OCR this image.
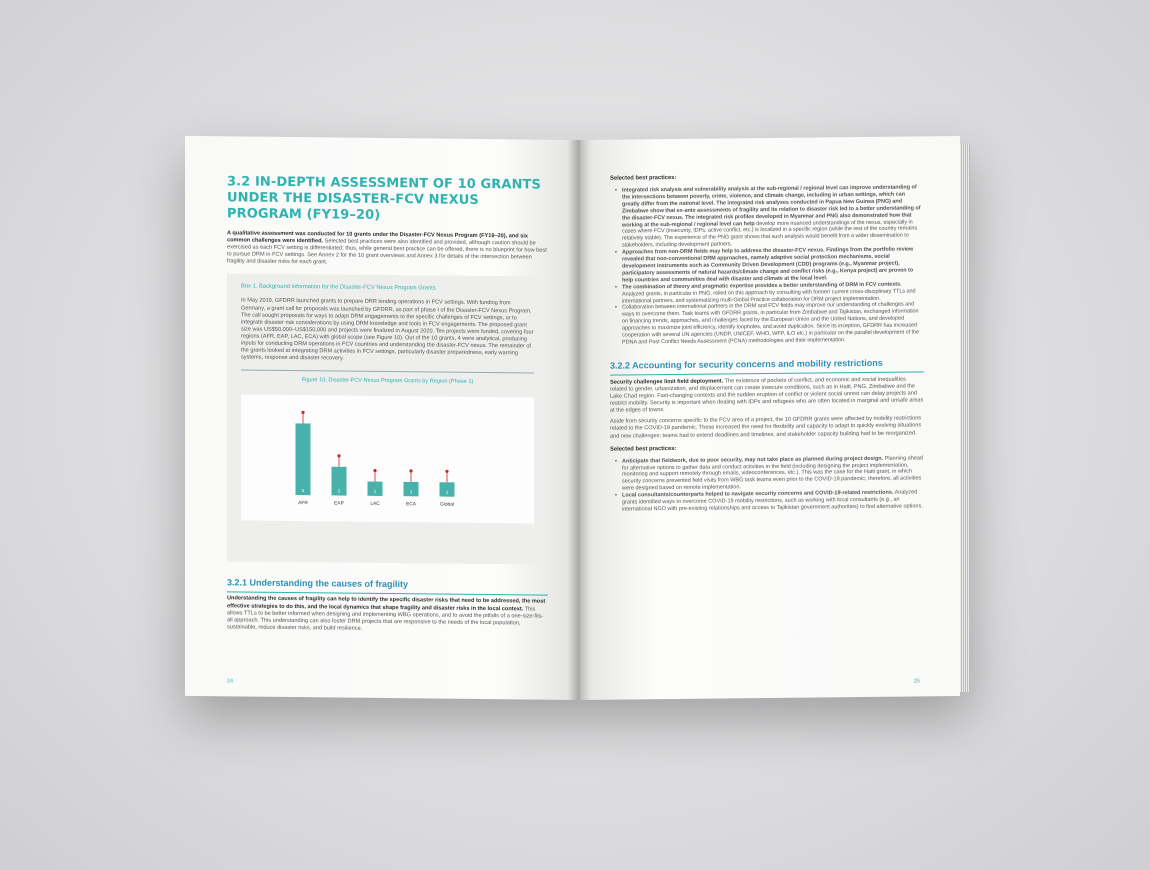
3.2 IN-DEPTH ASSESSMENT OF 10 GRANTS UNDER THE DISASTER-FCV NEXUS PROGRAM (FY19–20)

A qualitative assessment was conducted for 10 grants under the Disaster-FCV Nexus Program (FY19–20), and six common challenges were identified. Selected best practices were also identified and provided, although caution should be exercised as each FCV setting is differentiated; thus, while general best practice can be offered, there is no blueprint for how best to pursue DRM in FCV settings. See Annex 2 for the 10 grant overviews and Annex 3 for details of the intersection between fragility and disaster risks for each grant.

Box 1. Background information for the Disaster-FCV Nexus Program Grants

In May 2019, GFDRR launched grants to prepare DRR lending operations in FCV settings. With funding from Germany, a grant call for proposals was launched by GFDRR, as part of phase I of the Disaster-FCV Nexus Program. The call sought proposals for ways to adapt DRM engagements to the specific challenges of FCV settings, or to integrate disaster risk considerations by using DRM knowledge and tools in FCV engagements. The proposed grant size was US$50,000–US$150,000 and projects were finalized in August 2020. Ten projects were funded, covering four regions (AFR, EAP, LAC, ECA) with global scope (see Figure 10). Out of the 10 grants, 4 were analytical, producing inputs for conducting DRM operations in FCV countries and understanding the disaster-FCV nexus. The remainder of the grants looked at integrating DRM activities in FCV settings, particularly disaster preparedness, early warning systems, response and disaster recovery.

Figure 10. Disaster-FCV Nexus Program Grants by Region (Phase 1)
5
AFR
2
EAP
1
LAC
1
ECA
1
Global
3.2.1 Understanding the causes of fragility

Understanding the causes of fragility can help to identify the specific disaster risks that need to be addressed, the most effective strategies to do this, and the local dynamics that shape fragility and disaster risks in the local context. This allows TTLs to be better informed when designing and implementing WBG operations, and to avoid the pitfalls of a one-size-fits-all approach. This understanding can also foster DRM projects that are responsive to the needs of the local population, sustainable, reduce disaster risks, and build resilience.

24
Selected best practices:
• Integrated risk analysis and vulnerability analysis at the sub-regional / regional level can improve understanding of the intersections between poverty, crime, violence, and climate change, including in urban settings, which can greatly differ from the national level. The integrated risk analyses conducted in Papua New Guinea (PNG) and Zimbabwe show that ex-ante assessments of fragility and its relation to disaster risk led to a better understanding of the disaster-FCV nexus. The integrated risk profiles developed in Myanmar and PNG also demonstrated how that working at the sub-regional / regional level can help develop more nuanced understandings of the nexus, especially in cases where FCV (insecurity, IDPs, active conflict, etc.) is localized in a specific region (while the rest of the country remains relatively stable). The experience of the PNG grant shows that such analysis would benefit from a wider dissemination to stakeholders, including development partners.
• Approaches from non-DRM fields may help to address the disaster-FCV nexus. Findings from the portfolio review revealed that non-conventional DRM approaches, namely adaptive social protection mechanisms, social development instruments such as Community Driven Development (CDD) programs (e.g., Myanmar project), participatory assessments of natural hazards/climate change and conflict risks (e.g., Kenya project) are proven to help countries and communities deal with disaster and climate at the local level.
• The combination of theory and pragmatic expertise provides a better understanding of DRM in FCV contexts. Analyzed grants, in particular in PNG, relied on this approach by consulting with former/ current cross-disciplinary TTLs and international partners, and systematizing multi-Global Practice collaboration for DRM project implementation.
• Collaboration between international partners in the DRM and FCV fields may improve our understanding of challenges and ways to overcome them. Task teams with GFDRR grants, in particular from Zimbabwe and Tajikistan, exchanged information on financing trends, approaches, and challenges faced by the European Union and the United Nations, and developed approaches to maximize joint efficiency, identify loopholes, and avoid duplication. Since its inception, GFDRR has increased cooperation with several UN agencies (UNDP, UNICEF, WHO, WFP, ILO etc.) in particular on the parallel development of the PDNA and Post Conflict Needs Assessment (PCNA) methodologies and their implementation.
3.2.2 Accounting for security concerns and mobility restrictions

Security challenges limit field deployment. The existence of pockets of conflict, and economic and social inequalities related to gender, urbanization, and displacement can create insecure conditions, such as in Haiti, PNG, Zimbabwe and the Lake Chad region. Fast-changing contexts and the sudden eruption of conflict or violent social unrest can delay projects and restrict mobility. Security is important when dealing with IDPs and refugees who are often located in marginal and unsafe areas at the edges of towns.

Aside from security concerns specific to the FCV area of a project, the 10 GFDRR grants were affected by mobility restrictions related to the COVID-19 pandemic. These increased the need for flexibility and capacity to adapt to quickly evolving situations and new challenges; teams had to extend deadlines and timelines, and stakeholder capacity building had to be reorganized.

Selected best practices:
• Anticipate that fieldwork, due to poor security, may not take place as planned during project design. Planning ahead for alternative options to gather data and conduct activities in the field (including designing the project implementation, monitoring and support remotely through emails, videoconferences, etc.). This was the case for the Haiti grant, in which security concerns prevented field visits from WBG task teams even prior to the COVID-19 pandemic; therefore, all activities were designed based on remote implementation.
• Local consultants/counterparts helped to navigate security concerns and COVID-19-related restrictions. Analyzed grants identified ways to overcome COVID-19 mobility restrictions, such as working with local consultants (e.g., an international NGO with pre-existing relationships and access to Tajikistan government authorities) to find alternative options.
25
